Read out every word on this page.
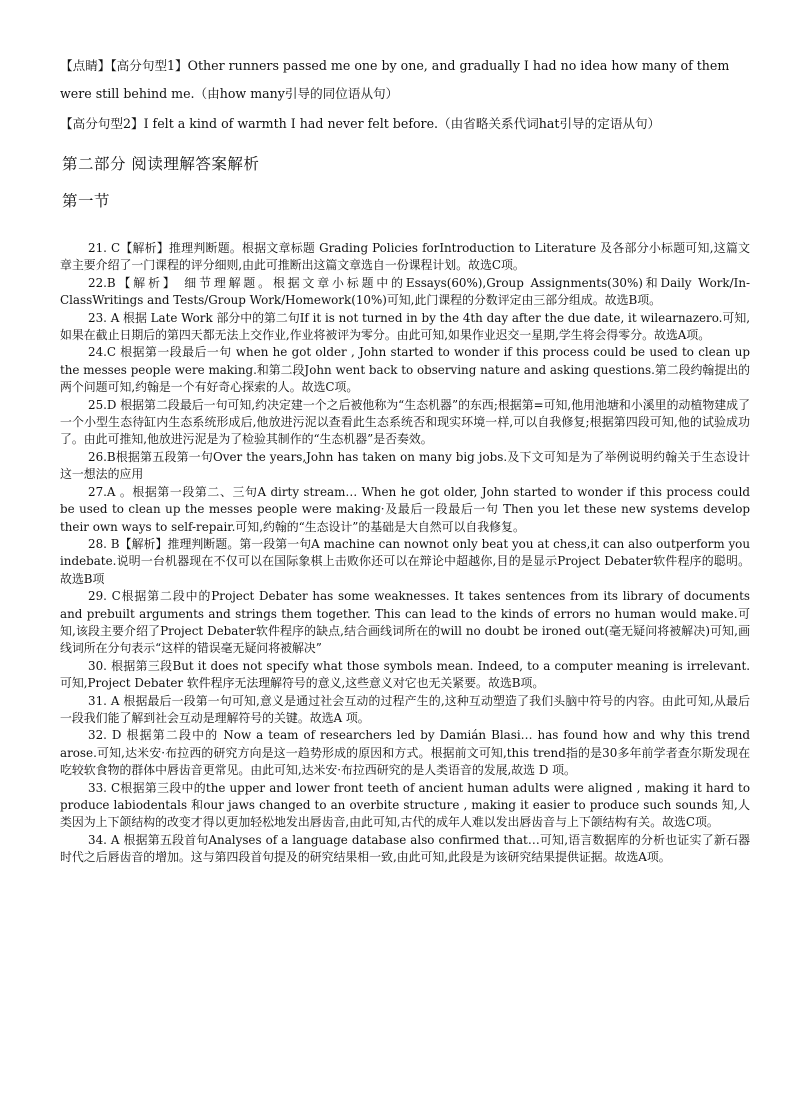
【点睛】【高分句型1】Other runners passed me one by one, and gradually I had no idea how many of them were still behind me.（由how many引导的同位语从句）

【高分句型2】I felt a kind of warmth I had never felt before.（由省略关系代词hat引导的定语从句）

第二部分 阅读理解答案解析
第一节

21. C【解析】推理判断题。根据文章标题 Grading Policies forIntroduction to Literature 及各部分小标题可知,这篇文章主要介绍了一门课程的评分细则,由此可推断出这篇文章选自一份课程计划。故选C项。

22.B【解析】 细节理解题。根据文章小标题中的Essays(60%),Group Assignments(30%)和Daily Work/In-ClassWritings and Tests/Group Work/Homework(10%)可知,此门课程的分数评定由三部分组成。故选B项。

23. A 根据 Late Work 部分中的第二句If it is not turned in by the 4th day after the due date, it wilearnazero.可知,如果在截止日期后的第四天都无法上交作业,作业将被评为零分。由此可知,如果作业迟交一星期,学生将会得零分。故选A项。

24.C 根据第一段最后一句 when he got older , John started to wonder if this process could be used to clean up the messes people were making.和第二段John went back to observing nature and asking questions.第二段约翰提出的两个问题可知,约翰是一个有好奇心探索的人。故选C项。

25.D 根据第二段最后一句可知,约决定建一个之后被他称为“生态机器”的东西;根据第=可知,他用池塘和小溪里的动植物建成了一个小型生态待缸内生态系统形成后,他放进污泥以查看此生态系统否和现实环境一样,可以自我修复;根据第四段可知,他的试验成功了。由此可推知,他放进污泥是为了检验其制作的“生态机器”是否奏效。

26.B根据第五段第一句Over the years,John has taken on many big jobs.及下文可知是为了举例说明约翰关于生态设计这一想法的应用

27.A 。根据第一段第二、三句A dirty stream… When he got older, John started to wonder if this process could be used to clean up the messes people were making·及最后一段最后一句 Then you let these new systems develop their own ways to self-repair.可知,约翰的“生态设计”的基础是大自然可以自我修复。

28. B【解析】推理判断题。第一段第一句A machine can nownot only beat you at chess,it can also outperform you indebate.说明一台机器现在不仅可以在国际象棋上击败你还可以在辩论中超越你,目的是显示Project Debater软件程序的聪明。故选B项

29. C根据第二段中的Project Debater has some weaknesses. It takes sentences from its library of documents and prebuilt arguments and strings them together. This can lead to the kinds of errors no human would make.可知,该段主要介绍了Project Debater软件程序的缺点,结合画线词所在的will no doubt be ironed out(毫无疑问将被解决)可知,画线词所在分句表示“这样的错误毫无疑问将被解决”

30. 根据第三段But it does not specify what those symbols mean. Indeed, to a computer meaning is irrelevant.可知,Project Debater 软件程序无法理解符号的意义,这些意义对它也无关紧要。故选B项。

31. A 根据最后一段第一句可知,意义是通过社会互动的过程产生的,这种互动塑造了我们头脑中符号的内容。由此可知,从最后一段我们能了解到社会互动是理解符号的关键。故选A 项。

32. D 根据第二段中的 Now a team of researchers led by Damián Blasi… has found how and why this trend arose.可知,达米安·布拉西的研究方向是这一趋势形成的原因和方式。根据前文可知,this trend指的是30多年前学者查尔斯发现在吃较软食物的群体中唇齿音更常见。由此可知,达米安·布拉西研究的是人类语音的发展,故选 D 项。

33. C根据第三段中的the upper and lower front teeth of ancient human adults were aligned , making it hard to produce labiodentals 和our jaws changed to an overbite structure , making it easier to produce such sounds 知,人类因为上下颌结构的改变才得以更加轻松地发出唇齿音,由此可知,古代的成年人难以发出唇齿音与上下颌结构有关。故选C项。

34. A 根据第五段首句Analyses of a language database also confirmed that…可知,语言数据库的分析也证实了新石器时代之后唇齿音的增加。这与第四段首句提及的研究结果相一致,由此可知,此段是为该研究结果提供证据。故选A项。
